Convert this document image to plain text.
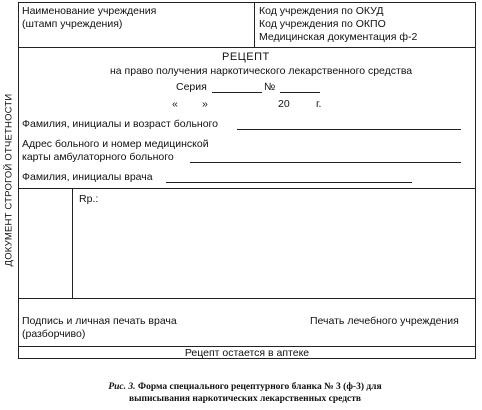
ДОКУМЕНТ СТРОГОЙ ОТЧЕТНОСТИ
Наименование учреждения
(штамп учреждения)
Код учреждения по ОКУД
Код учреждения по ОКПО
Медицинская документация ф-2
РЕЦЕПТ
на право получения наркотического лекарственного средства
Серия	№
« »	20	г.
Фамилия, инициалы и возраст больного
Адрес больного и номер медицинской
карты амбулаторного больного
Фамилия, инициалы врача
Rp.:
Подпись и личная печать врача
(разборчиво)
Печать лечебного учреждения
Рецепт остается в аптеке
Рис. 3. Форма специального рецептурного бланка № 3 (ф-3) для
выписывания наркотических лекарственных средств
